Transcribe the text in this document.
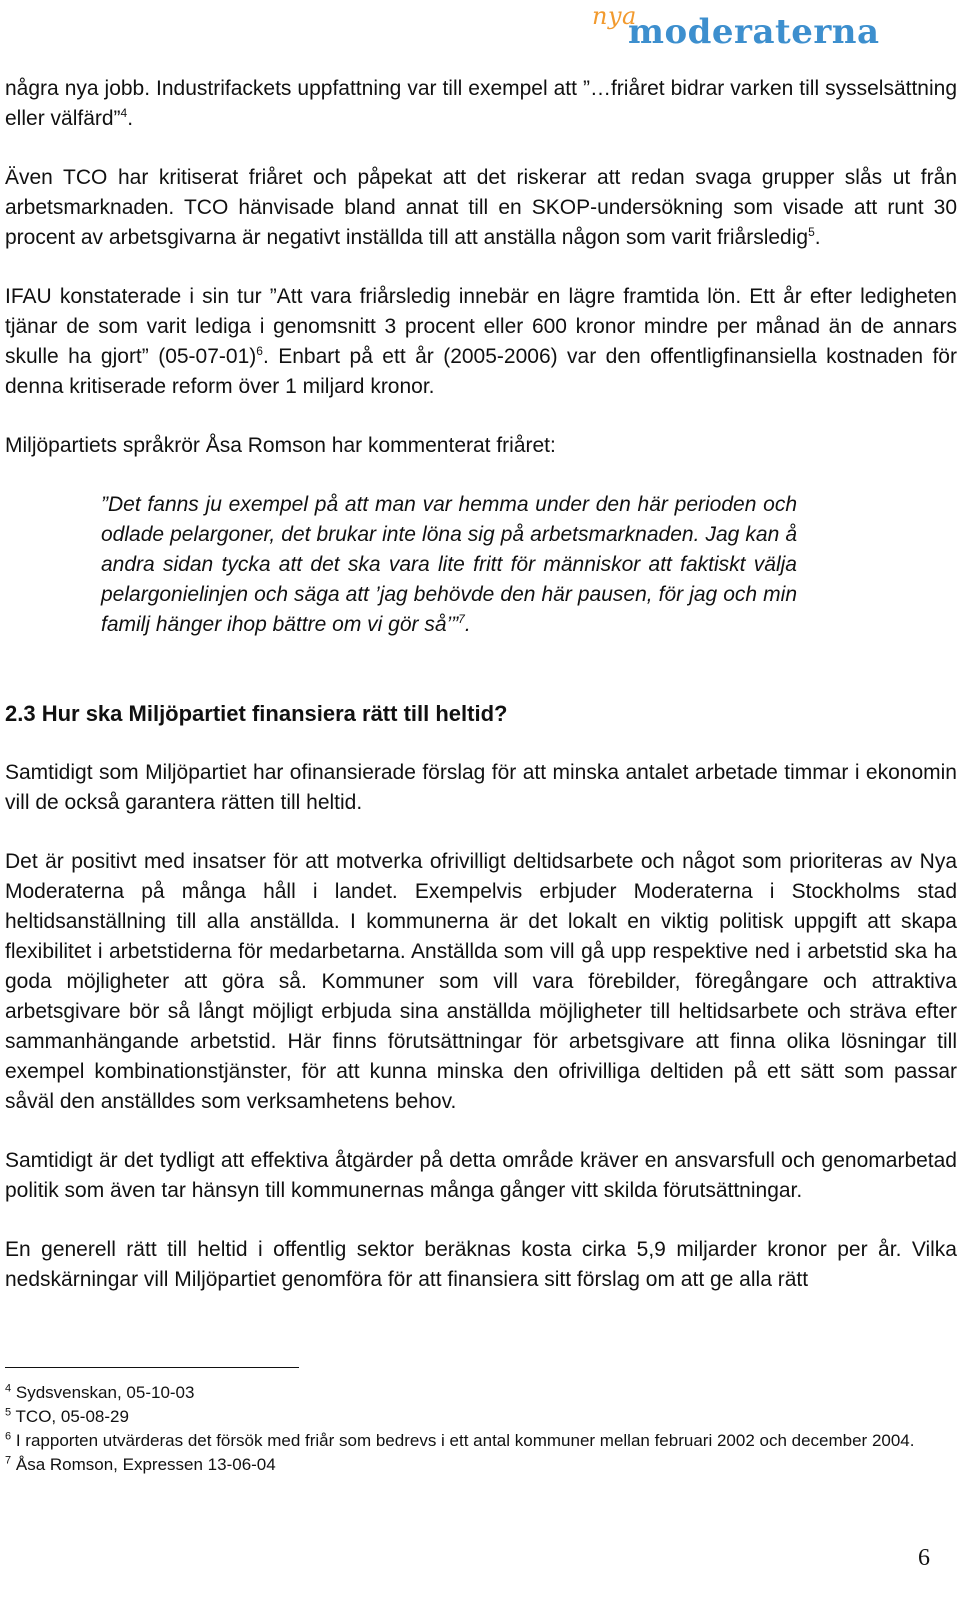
nya
moderaterna

några nya jobb. Industrifackets uppfattning var till exempel att ”…friåret bidrar varken till sysselsättning eller välfärd”$^4$.

Även TCO har kritiserat friåret och påpekat att det riskerar att redan svaga grupper slås ut från arbetsmarknaden. TCO hänvisade bland annat till en SKOP-undersökning som visade att runt 30 procent av arbetsgivarna är negativt inställda till att anställa någon som varit friårsledig$^5$.

IFAU konstaterade i sin tur ”Att vara friårsledig innebär en lägre framtida lön. Ett år efter ledigheten tjänar de som varit lediga i genomsnitt 3 procent eller 600 kronor mindre per månad än de annars skulle ha gjort” $(05-07-01)^6$. Enbart på ett år (2005-2006) var den offentligfinansiella kostnaden för denna kritiserade reform över 1 miljard kronor.

Miljöpartiets språkrör Åsa Romson har kommenterat friåret:

”Det fanns ju exempel på att man var hemma under den här perioden och odlade pelargoner, det brukar inte löna sig på arbetsmarknaden. Jag kan å andra sidan tycka att det ska vara lite fritt för människor att faktiskt välja pelargonielinjen och säga att ’jag behövde den här pausen, för jag och min familj hänger ihop bättre om vi gör så’”$^7$.

2.3 Hur ska Miljöpartiet finansiera rätt till heltid?

Samtidigt som Miljöpartiet har ofinansierade förslag för att minska antalet arbetade timmar i ekonomin vill de också garantera rätten till heltid.

Det är positivt med insatser för att motverka ofrivilligt deltidsarbete och något som prioriteras av Nya Moderaterna på många håll i landet. Exempelvis erbjuder Moderaterna i Stockholms stad heltidsanställning till alla anställda. I kommunerna är det lokalt en viktig politisk uppgift att skapa flexibilitet i arbetstiderna för medarbetarna. Anställda som vill gå upp respektive ned i arbetstid ska ha goda möjligheter att göra så. Kommuner som vill vara förebilder, föregångare och attraktiva arbetsgivare bör så långt möjligt erbjuda sina anställda möjligheter till heltidsarbete och sträva efter sammanhängande arbetstid. Här finns förutsättningar för arbetsgivare att finna olika lösningar till exempel kombinationstjänster, för att kunna minska den ofrivilliga deltiden på ett sätt som passar såväl den anställdes som verksamhetens behov.

Samtidigt är det tydligt att effektiva åtgärder på detta område kräver en ansvarsfull och genomarbetad politik som även tar hänsyn till kommunernas många gånger vitt skilda förutsättningar.

En generell rätt till heltid i offentlig sektor beräknas kosta cirka 5,9 miljarder kronor per år. Vilka nedskärningar vill Miljöpartiet genomföra för att finansiera sitt förslag om att ge alla rätt

$^4$ Sydsvenskan, 05-10-03

$^5$ TCO, 05-08-29

$^6$ I rapporten utvärderas det försök med friår som bedrevs i ett antal kommuner mellan februari 2002 och december 2004.

$^7$ Åsa Romson, Expressen 13-06-04

6
